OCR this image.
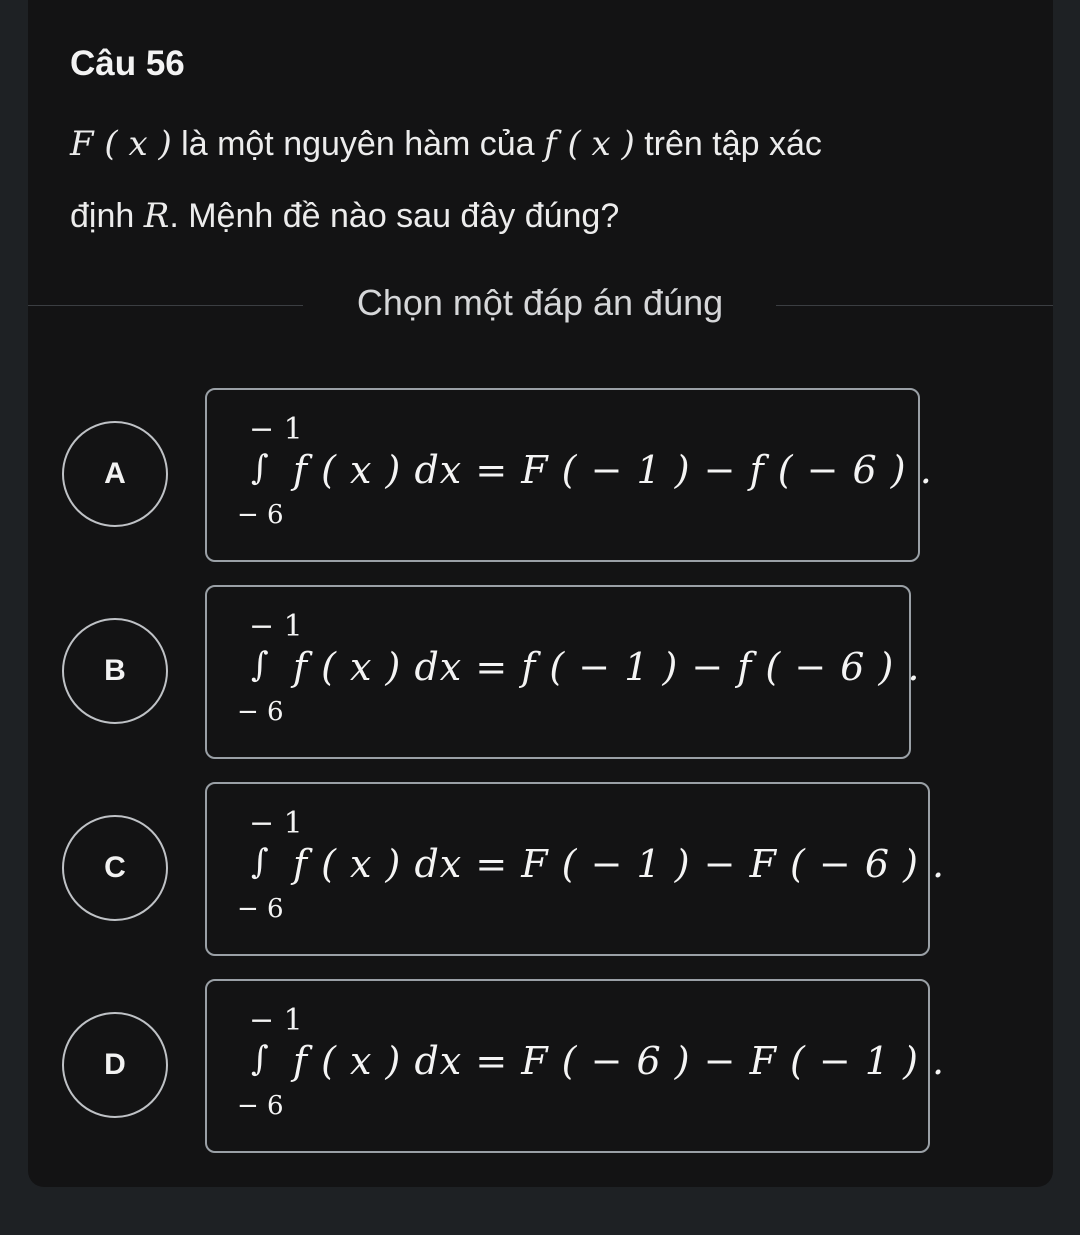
Câu 56
F ( x ) là một nguyên hàm của f ( x ) trên tập xác
định R. Mệnh đề nào sau đây đúng?
Chọn một đáp án đúng
A
− 1
∫
− 6
f ( x ) dx = F ( − 1 ) − f ( − 6 ) .
B
− 1
∫
− 6
f ( x ) dx = f ( − 1 ) − f ( − 6 ) .
C
− 1
∫
− 6
f ( x ) dx = F ( − 1 ) − F ( − 6 ) .
D
− 1
∫
− 6
f ( x ) dx = F ( − 6 ) − F ( − 1 ) .
